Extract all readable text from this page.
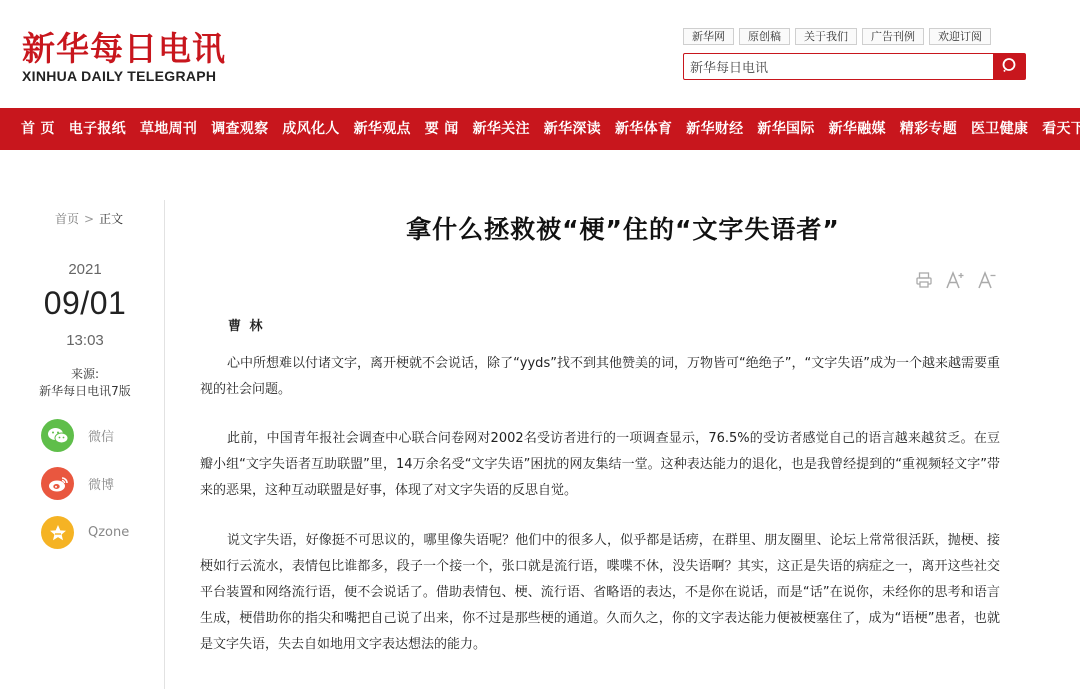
新华每日电讯
XINHUA DAILY TELEGRAPH
新华网	原创稿	关于我们	广告刊例	欢迎订阅
新华每日电讯
首 页	电子报纸	草地周刊	调查观察	成风化人	新华观点	要 闻	新华关注	新华深读	新华体育	新华财经	新华国际	新华融媒	精彩专题	医卫健康	看天下
首页 > 正文
2021
09/01
13:03
来源:
新华每日电讯7版
微信
微博
Qzone
拿什么拯救被“梗”住的“文字失语者”
曹 林

心中所想难以付诸文字，离开梗就不会说话，除了“yyds”找不到其他赞美的词，万物皆可“绝绝子”，“文字失语”成为一个越来越需要重视的社会问题。

此前，中国青年报社会调查中心联合问卷网对2002名受访者进行的一项调查显示，76.5%的受访者感觉自己的语言越来越贫乏。在豆瓣小组“文字失语者互助联盟”里，14万余名受“文字失语”困扰的网友集结一堂。这种表达能力的退化，也是我曾经提到的“重视频轻文字”带来的恶果，这种互动联盟是好事，体现了对文字失语的反思自觉。

说文字失语，好像挺不可思议的，哪里像失语呢？他们中的很多人，似乎都是话痨，在群里、朋友圈里、论坛上常常很活跃，抛梗、接梗如行云流水，表情包比谁都多，段子一个接一个，张口就是流行语，喋喋不休，没失语啊？其实，这正是失语的病症之一，离开这些社交平台装置和网络流行语，便不会说话了。借助表情包、梗、流行语、省略语的表达，不是你在说话，而是“话”在说你，未经你的思考和语言生成，梗借助你的指尖和嘴把自己说了出来，你不过是那些梗的通道。久而久之，你的文字表达能力便被梗塞住了，成为“语梗”患者，也就是文字失语，失去自如地用文字表达想法的能力。
